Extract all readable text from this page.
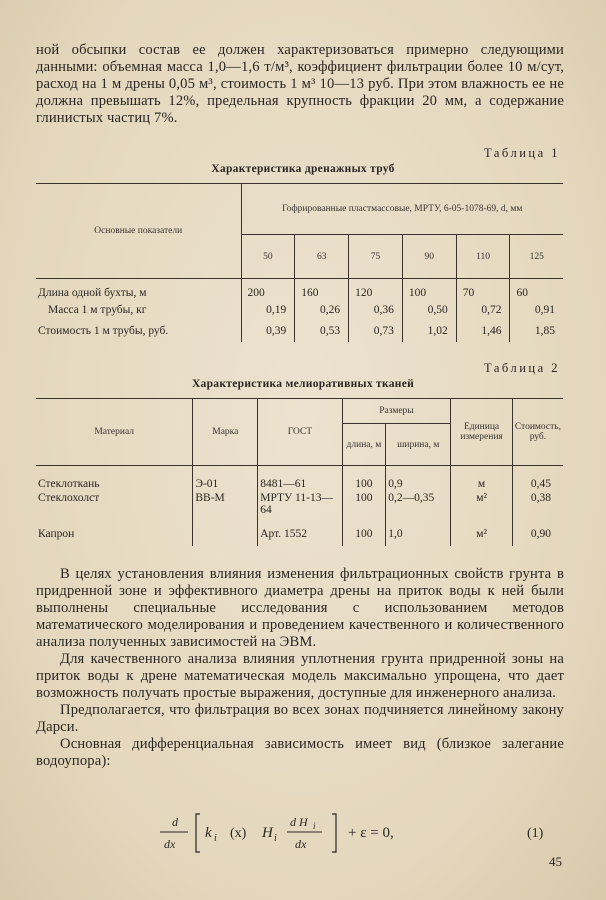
ной обсыпки состав ее должен характеризоваться примерно следующими данными: объемная масса 1,0—1,6 т/м³, коэффициент фильтрации более 10 м/сут, расход на 1 м дрены 0,05 м³, стоимость 1 м³ 10—13 руб. При этом влажность ее не должна превышать 12%, предельная крупность фракции 20 мм, а содержание глинистых частиц 7%.

Таблица 1
Характеристика дренажных труб
Основные показатели	Гофрированные пластмассовые, МРТУ, 6-05-1078-69, d, мм					
	50	63	75	90	110	125
Длина одной бухты, м	200	160	120	100	70	60
Масса 1 м трубы, кг	0,19	0,26	0,36	0,50	0,72	0,91
Стоимость 1 м трубы, руб.	0,39	0,53	0,73	1,02	1,46	1,85
Таблица 2
Характеристика мелиоративных тканей
Материал	Марка	ГОСТ	Размеры		Единица измерения	Стоимость, руб.
			длина, м	ширина, м		
Стеклоткань	Э-01	8481—61	100	0,9	м	0,45
Стеклохолст	ВВ-М	МРТУ 11-13—64	100	0,2—0,35	м²	0,38
Капрон		Арт. 1552	100	1,0	м²	0,90

В целях установления влияния изменения фильтрационных свойств грунта в придренной зоне и эффективного диаметра дрены на приток воды к ней были выполнены специальные исследования с использованием методов математического моделирования и проведением качественного и количественного анализа полученных зависимостей на ЭВМ.

Для качественного анализа влияния уплотнения грунта придренной зоны на приток воды к дрене математическая модель максимально упрощена, что дает возможность получать простые выражения, доступные для инженерного анализа.

Предполагается, что фильтрация во всех зонах подчиняется линейному закону Дарси.

Основная дифференциальная зависимость имеет вид (близкое залегание водоупора):

d
dx
k i (x) H i
d H i
dx
+ ε = 0,	(1)
45
